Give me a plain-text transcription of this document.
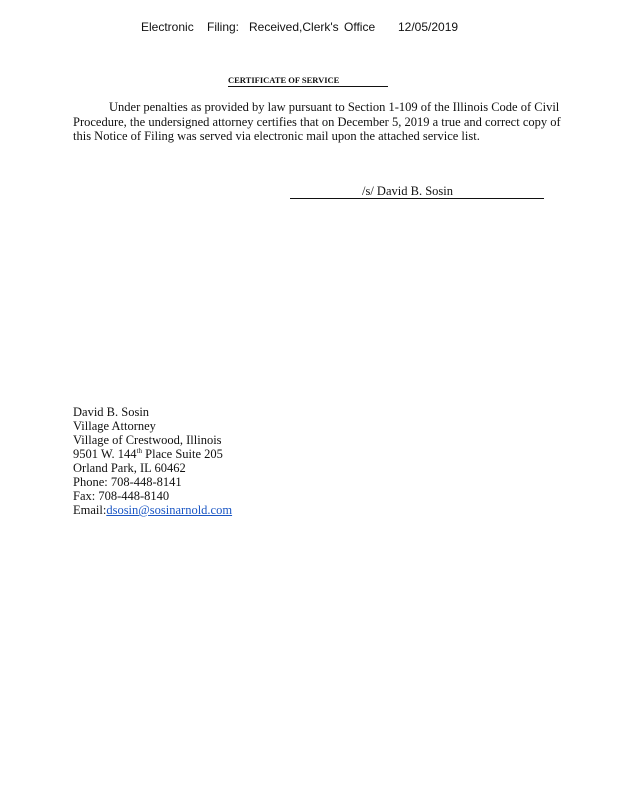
Electronic Filing: Received,Clerk's Office 12/05/2019
CERTIFICATE OF SERVICE

Under penalties as provided by law pursuant to Section 1-109 of the Illinois Code of Civil Procedure, the undersigned attorney certifies that on December 5, 2019 a true and correct copy of this Notice of Filing was served via electronic mail upon the attached service list.

/s/ David B. Sosin
David B. Sosin
Village Attorney
Village of Crestwood, Illinois
9501 W. 144th Place Suite 205
Orland Park, IL 60462
Phone: 708-448-8141
Fax: 708-448-8140
Email:dsosin@sosinarnold.com
